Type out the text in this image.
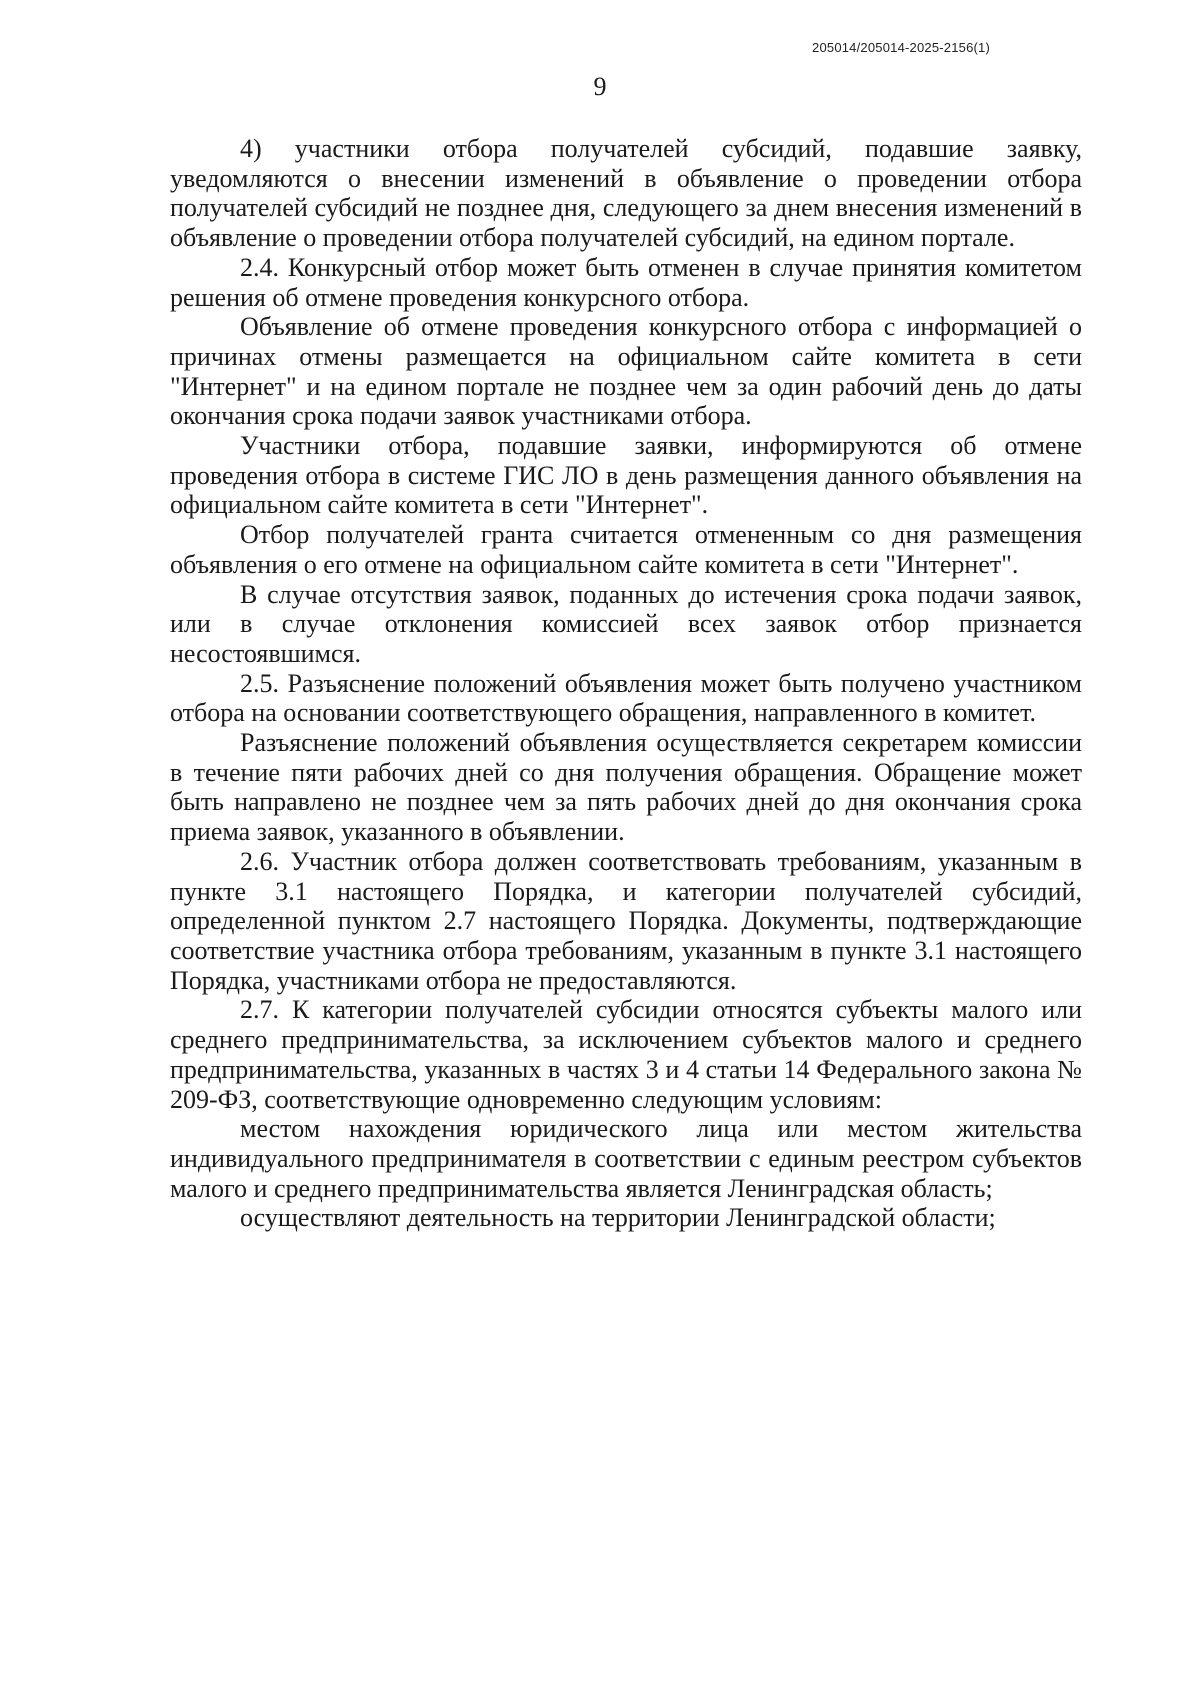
205014/205014-2025-2156(1)
9

4) участники отбора получателей субсидий, подавшие заявку, уведомляются о внесении изменений в объявление о проведении отбора получателей субсидий не позднее дня, следующего за днем внесения изменений в объявление о проведении отбора получателей субсидий, на едином портале.

2.4. Конкурсный отбор может быть отменен в случае принятия комитетом решения об отмене проведения конкурсного отбора.

Объявление об отмене проведения конкурсного отбора с информацией о причинах отмены размещается на официальном сайте комитета в сети "Интернет" и на едином портале не позднее чем за один рабочий день до даты окончания срока подачи заявок участниками отбора.

Участники отбора, подавшие заявки, информируются об отмене проведения отбора в системе ГИС ЛО в день размещения данного объявления на официальном сайте комитета в сети "Интернет".

Отбор получателей гранта считается отмененным со дня размещения объявления о его отмене на официальном сайте комитета в сети "Интернет".

В случае отсутствия заявок, поданных до истечения срока подачи заявок, или в случае отклонения комиссией всех заявок отбор признается несостоявшимся.

2.5. Разъяснение положений объявления может быть получено участником отбора на основании соответствующего обращения, направленного в комитет.

Разъяснение положений объявления осуществляется секретарем комиссии в течение пяти рабочих дней со дня получения обращения. Обращение может быть направлено не позднее чем за пять рабочих дней до дня окончания срока приема заявок, указанного в объявлении.

2.6. Участник отбора должен соответствовать требованиям, указанным в пункте 3.1 настоящего Порядка, и категории получателей субсидий, определенной пунктом 2.7 настоящего Порядка. Документы, подтверждающие соответствие участника отбора требованиям, указанным в пункте 3.1 настоящего Порядка, участниками отбора не предоставляются.

2.7. К категории получателей субсидии относятся субъекты малого или среднего предпринимательства, за исключением субъектов малого и среднего предпринимательства, указанных в частях 3 и 4 статьи 14 Федерального закона № 209-ФЗ, соответствующие одновременно следующим условиям:

местом нахождения юридического лица или местом жительства индивидуального предпринимателя в соответствии с единым реестром субъектов малого и среднего предпринимательства является Ленинградская область;

осуществляют деятельность на территории Ленинградской области;
